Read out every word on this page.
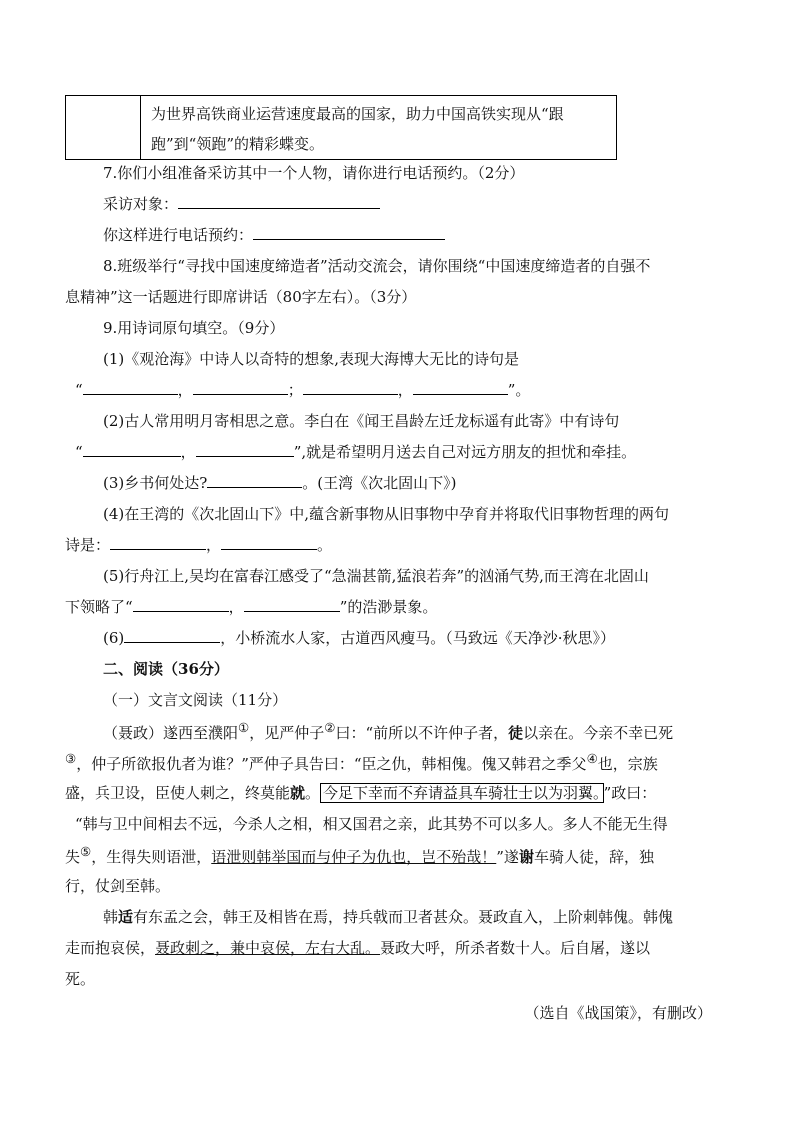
	为世界高铁商业运营速度最高的国家，助力中国高铁实现从“跟跑”到“领跑”的精彩蝶变。
7.你们小组准备采访其中一个人物，请你进行电话预约。（2分）
采访对象：
你这样进行电话预约：
8.班级举行“寻找中国速度缔造者”活动交流会，请你围绕“中国速度缔造者的自强不
息精神”这一话题进行即席讲话（80字左右）。（3分）
9.用诗词原句填空。（9分）
(1)《观沧海》中诗人以奇特的想象,表现大海博大无比的诗句是
“	，	；	，	”。
(2)古人常用明月寄相思之意。李白在《闻王昌龄左迁龙标遥有此寄》中有诗句
“	，	”,就是希望明月送去自己对远方朋友的担忧和牵挂。
(3)乡书何处达?	。(王湾《次北固山下》)
(4)在王湾的《次北固山下》中,蕴含新事物从旧事物中孕育并将取代旧事物哲理的两句
诗是：	，	。
(5)行舟江上,吴均在富春江感受了“急湍甚箭,猛浪若奔”的汹涌气势,而王湾在北固山
下领略了“	，	”的浩渺景象。
(6)	，小桥流水人家，古道西风瘦马。（马致远《天净沙·秋思》）
二、阅读（36分）
（一）文言文阅读（11分）
（聂政）遂西至濮阳①，见严仲子②曰：“前所以不许仲子者，徒以亲在。今亲不幸已死
③，仲子所欲报仇者为谁？”严仲子具告曰：“臣之仇，韩相傀。傀又韩君之季父④也，宗族
盛，兵卫设，臣使人刺之，终莫能就。 今足下幸而不弃请益具车骑壮士以为羽翼。 ”政曰：
“韩与卫中间相去不远，今杀人之相，相又国君之亲，此其势不可以多人。多人不能无生得
失⑤，生得失则语泄，语泄则韩举国而与仲子为仇也，岂不殆哉！”遂谢车骑人徒，辞，独
行，仗剑至韩。
韩适有东孟之会，韩王及相皆在焉，持兵戟而卫者甚众。聂政直入，上阶刺韩傀。韩傀
走而抱哀侯，聂政刺之，兼中哀侯，左右大乱。聂政大呼，所杀者数十人。后自屠，遂以
死。
（选自《战国策》，有删改）
